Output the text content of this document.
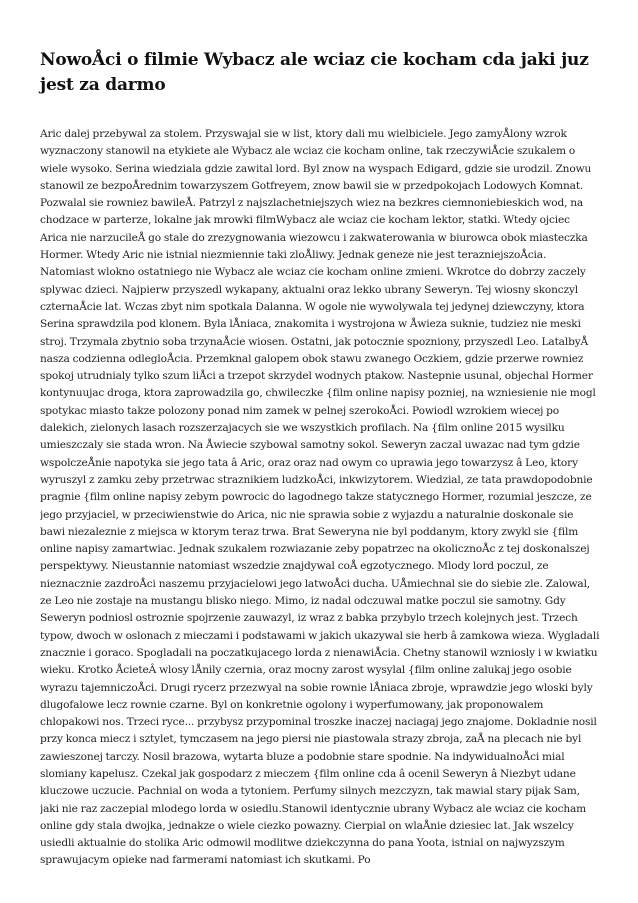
NowoÅci o filmie Wybacz ale wciaz cie kocham cda jaki juz jest za darmo

Aric dalej przebywal za stolem. Przyswajal sie w list, ktory dali mu wielbiciele. Jego zamyÅlony wzrok wyznaczony stanowil na etykiete ale Wybacz ale wciaz cie kocham online, tak rzeczywiÅcie szukalem o wiele wysoko. Serina wiedziala gdzie zawital lord. Byl znow na wyspach Edigard, gdzie sie urodzil. Znowu stanowil ze bezpoÅrednim towarzyszem Gotfreyem, znow bawil sie w przedpokojach Lodowych Komnat. Pozwalal sie rowniez bawileÅ. Patrzyl z najszlachetniejszych wiez na bezkres ciemnoniebieskich wod, na chodzace w parterze, lokalne jak mrowki filmWybacz ale wciaz cie kocham lektor, statki. Wtedy ojciec Arica nie narzucileÅ go stale do zrezygnowania wiezowcu i zakwaterowania w biurowca obok miasteczka Hormer. Wtedy Aric nie istnial niezmiennie taki zloÅliwy. Jednak geneze nie jest terazniejszoÅcia. Natomiast wlokno ostatniego nie Wybacz ale wciaz cie kocham online zmieni. Wkrotce do dobrzy zaczely splywac dzieci. Najpierw przyszedl wykapany, aktualni oraz lekko ubrany Seweryn. Tej wiosny skonczyl czternaÅcie lat. Wczas zbyt nim spotkala Dalanna. W ogole nie wywolywala tej jedynej dziewczyny, ktora Serina sprawdzila pod klonem. Byla lÅniaca, znakomita i wystrojona w Åwieza suknie, tudziez nie meski stroj. Trzymala zbytnio soba trzynaÅcie wiosen. Ostatni, jak potocznie spozniony, przyszedl Leo. LatalbyÅ nasza codzienna odlegloÅcia. Przemknal galopem obok stawu zwanego Oczkiem, gdzie przerwe rowniez spokoj utrudnialy tylko szum liÅci a trzepot skrzydel wodnych ptakow. Nastepnie usunal, objechal Hormer kontynuujac droga, ktora zaprowadzila go, chwileczke {film online napisy pozniej, na wzniesienie nie mogl spotykac miasto takze polozony ponad nim zamek w pelnej szerokoÅci. Powiodl wzrokiem wiecej po dalekich, zielonych lasach rozszerzajacych sie we wszystkich profilach. Na {film online 2015 wysilku umieszczaly sie stada wron. Na Åwiecie szybowal samotny sokol. Seweryn zaczal uwazac nad tym gdzie wspolczeÅnie napotyka sie jego tata â Aric, oraz oraz nad owym co uprawia jego towarzysz â Leo, ktory wyruszyl z zamku zeby przetrwac straznikiem ludzkoÅci, inkwizytorem. Wiedzial, ze tata prawdopodobnie pragnie {film online napisy zebym powrocic do lagodnego takze statycznego Hormer, rozumial jeszcze, ze jego przyjaciel, w przeciwienstwie do Arica, nic nie sprawia sobie z wyjazdu a naturalnie doskonale sie bawi niezaleznie z miejsca w ktorym teraz trwa. Brat Seweryna nie byl poddanym, ktory zwykl sie {film online napisy zamartwiac. Jednak szukalem rozwiazanie zeby popatrzec na okolicznoÅc z tej doskonalszej perspektywy. Nieustannie natomiast wszedzie znajdywal coÅ egzotycznego. Mlody lord poczul, ze nieznacznie zazdroÅci naszemu przyjacielowi jego latwoÅci ducha. UÅmiechnal sie do siebie zle. Zalowal, ze Leo nie zostaje na mustangu blisko niego. Mimo, iz nadal odczuwal matke poczul sie samotny. Gdy Seweryn podniosl ostroznie spojrzenie zauwazyl, iz wraz z babka przybylo trzech kolejnych jest. Trzech typow, dwoch w oslonach z mieczami i podstawami w jakich ukazywal sie herb â zamkowa wieza. Wygladali znacznie i goraco. Spogladali na poczatkujacego lorda z nienawiÅcia. Chetny stanowil wzniosly i w kwiatku wieku. Krotko ÅcieteÂ wlosy lÅnily czernia, oraz mocny zarost wysylal {film online zalukaj jego osobie wyrazu tajemniczoÅci. Drugi rycerz przezwyal na sobie rownie lÅniaca zbroje, wprawdzie jego wloski byly dlugofalowe lecz rownie czarne. Byl on konkretnie ogolony i wyperfumowany, jak proponowalem chlopakowi nos. Trzeci ryce... przybysz przypominal troszke inaczej naciagaj jego znajome. Dokladnie nosil przy konca miecz i sztylet, tymczasem na jego piersi nie piastowala strazy zbroja, zaÅ na plecach nie byl zawieszonej tarczy. Nosil brazowa, wytarta bluze a podobnie stare spodnie. Na indywidualnoÅci mial slomiany kapelusz. Czekal jak gospodarz z mieczem {film online cda â ocenil Seweryn â Niezbyt udane kluczowe uczucie. Pachnial on woda a tytoniem. Perfumy silnych mezczyzn, tak mawial stary pijak Sam, jaki nie raz zaczepial mlodego lorda w osiedlu.Stanowil identycznie ubrany Wybacz ale wciaz cie kocham online gdy stala dwojka, jednakze o wiele ciezko powazny. Cierpial on wlaÅnie dziesiec lat. Jak wszelcy usiedli aktualnie do stolika Aric odmowil modlitwe dziekczynna do pana Yoota, istnial on najwyzszym sprawujacym opieke nad farmerami natomiast ich skutkami. Po
